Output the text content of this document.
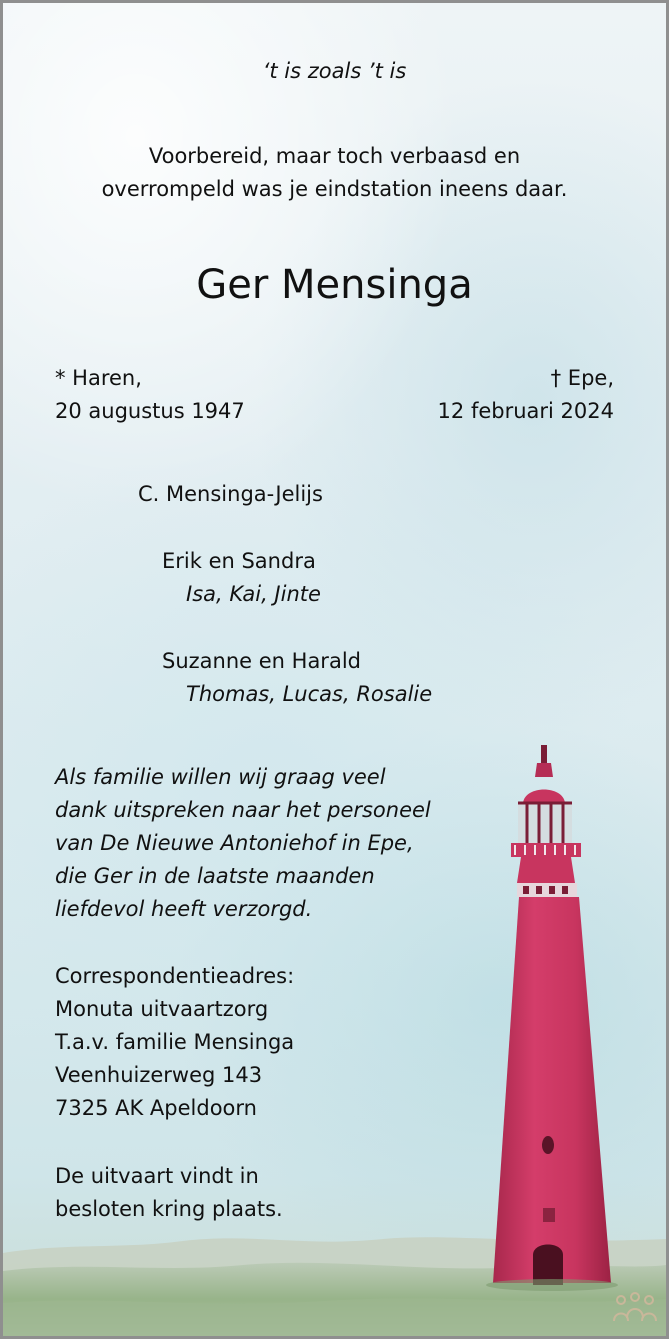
‘t is zoals ’t is
Voorbereid, maar toch verbaasd en
overrompeld was je eindstation ineens daar.
Ger Mensinga
* Haren,
20 augustus 1947
† Epe,
12 februari 2024
C. Mensinga-Jelijs
Erik en Sandra
Isa, Kai, Jinte
Suzanne en Harald
Thomas, Lucas, Rosalie
Als familie willen wij graag veel
dank uitspreken naar het personeel
van De Nieuwe Antoniehof in Epe,
die Ger in de laatste maanden
liefdevol heeft verzorgd.
Correspondentieadres:
Monuta uitvaartzorg
T.a.v. familie Mensinga
Veenhuizerweg 143
7325 AK Apeldoorn
De uitvaart vindt in
besloten kring plaats.
